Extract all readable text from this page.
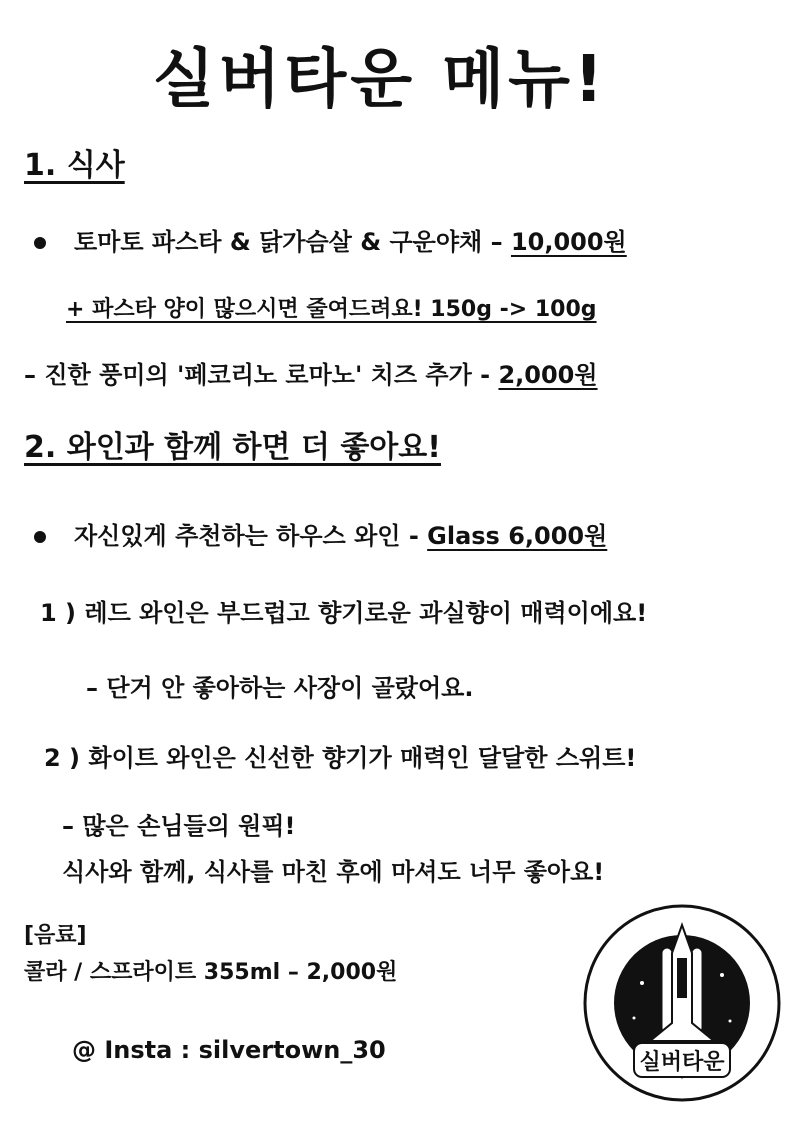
실버타운 메뉴!
1. 식사
토마토 파스타 & 닭가슴살 & 구운야채 – 10,000원
+ 파스타 양이 많으시면 줄여드려요! 150g -> 100g
– 진한 풍미의 '페코리노 로마노' 치즈 추가 - 2,000원
2. 와인과 함께 하면 더 좋아요!
자신있게 추천하는 하우스 와인 - Glass 6,000원
1 ) 레드 와인은 부드럽고 향기로운 과실향이 매력이에요!
– 단거 안 좋아하는 사장이 골랐어요.
2 ) 화이트 와인은 신선한 향기가 매력인 달달한 스위트!
– 많은 손님들의 원픽!
식사와 함께, 식사를 마친 후에 마셔도 너무 좋아요!
[음료]
콜라 / 스프라이트 355ml – 2,000원
@ Insta : silvertown_30	실버타운
